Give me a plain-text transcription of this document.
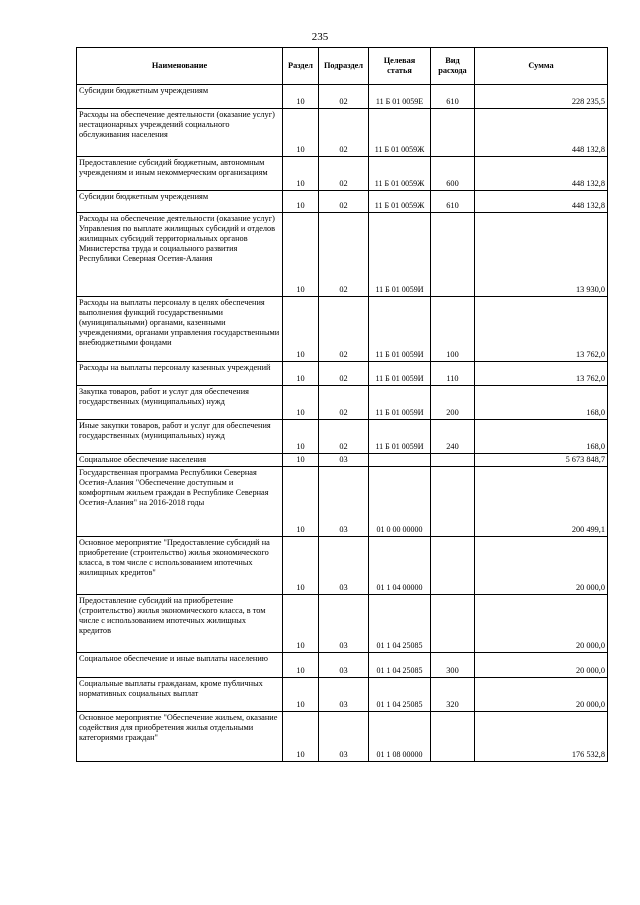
235
Наименование	Раздел	Подраздел	Целевая статья	Вид расхода	Сумма
Субсидии бюджетным учреждениям	10	02	11 Б 01 0059Е	610	228 235,5
Расходы на обеспечение деятельности (оказание услуг) нестационарных учреждений социального обслуживания населения	10	02	11 Б 01 0059Ж		448 132,8
Предоставление субсидий бюджетным, автономным учреждениям и иным некоммерческим организациям	10	02	11 Б 01 0059Ж	600	448 132,8
Субсидии бюджетным учреждениям	10	02	11 Б 01 0059Ж	610	448 132,8
Расходы на обеспечение деятельности (оказание услуг) Управления по выплате жилищных субсидий и отделов жилищных субсидий территориальных органов Министерства труда и социального развития Республики Северная Осетия-Алания	10	02	11 Б 01 0059И		13 930,0
Расходы на выплаты персоналу в целях обеспечения выполнения функций государственными (муниципальными) органами, казенными учреждениями, органами управления государственными внебюджетными фондами	10	02	11 Б 01 0059И	100	13 762,0
Расходы на выплаты персоналу казенных учреждений	10	02	11 Б 01 0059И	110	13 762,0
Закупка товаров, работ и услуг для обеспечения государственных (муниципальных) нужд	10	02	11 Б 01 0059И	200	168,0
Иные закупки товаров, работ и услуг для обеспечения государственных (муниципальных) нужд	10	02	11 Б 01 0059И	240	168,0
Социальное обеспечение населения	10	03			5 673 848,7
Государственная программа Республики Северная Осетия-Алания "Обеспечение доступным и комфортным жильем граждан в Республике Северная Осетия-Алания" на 2016-2018 годы	10	03	01 0 00 00000		200 499,1
Основное мероприятие "Предоставление субсидий на приобретение (строительство) жилья экономического класса, в том числе с использованием ипотечных жилищных кредитов"	10	03	01 1 04 00000		20 000,0
Предоставление субсидий на приобретение (строительство) жилья экономического класса, в том числе с использованием ипотечных жилищных кредитов	10	03	01 1 04 25085		20 000,0
Социальное обеспечение и иные выплаты населению	10	03	01 1 04 25085	300	20 000,0
Социальные выплаты гражданам, кроме публичных нормативных социальных выплат	10	03	01 1 04 25085	320	20 000,0
Основное мероприятие "Обеспечение жильем, оказание содействия для приобретения жилья отдельными категориями граждан"	10	03	01 1 08 00000		176 532,8
